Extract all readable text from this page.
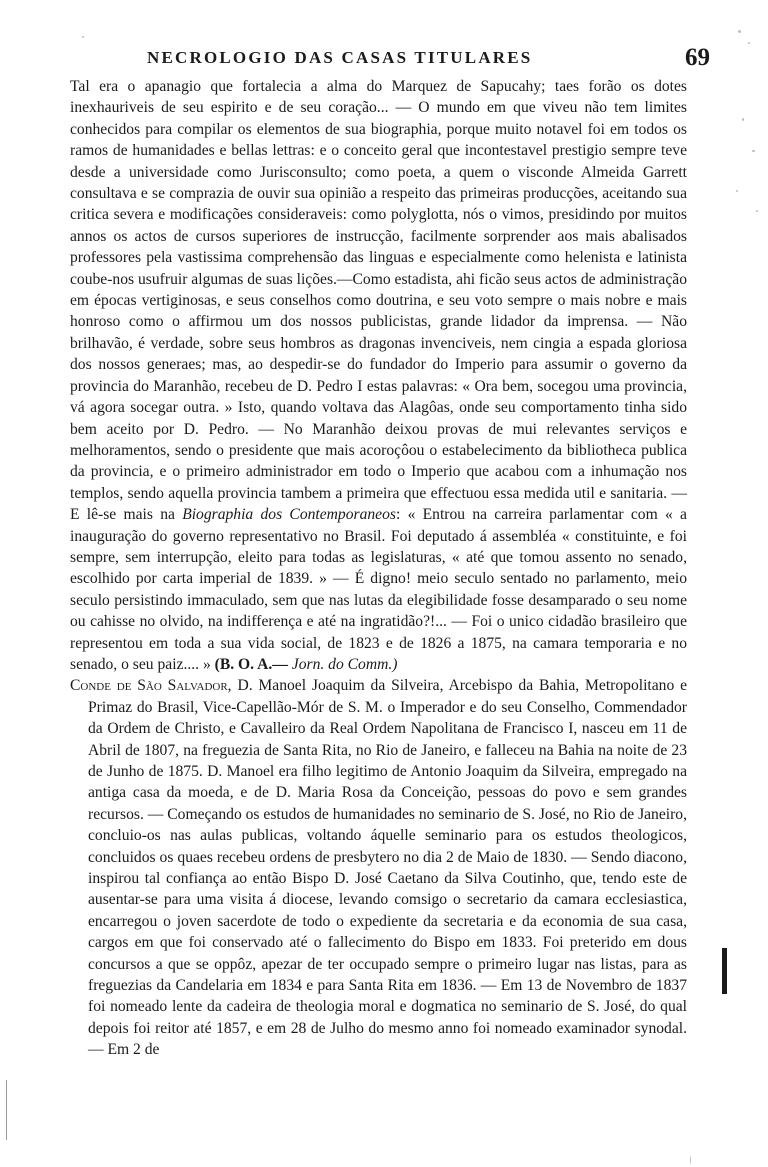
NECROLOGIO DAS CASAS TITULARES	69

Tal era o apanagio que fortalecia a alma do Marquez de Sapucahy; taes forão os dotes inexhauriveis de seu espirito e de seu coração... — O mundo em que viveu não tem limites conhecidos para compilar os elementos de sua biographia, porque muito notavel foi em todos os ramos de humanidades e bellas lettras: e o conceito geral que incontestavel prestigio sempre teve desde a universidade como Jurisconsulto; como poeta, a quem o visconde Almeida Garrett consultava e se comprazia de ouvir sua opinião a respeito das primeiras producções, aceitando sua critica severa e modificações consideraveis: como polyglotta, nós o vimos, presidindo por muitos annos os actos de cursos superiores de instrucção, facilmente sorprender aos mais abalisados professores pela vastissima comprehensão das linguas e especialmente como helenista e latinista coube-nos usufruir algumas de suas lições.—Como estadista, ahi ficão seus actos de administração em épocas vertiginosas, e seus conselhos como doutrina, e seu voto sempre o mais nobre e mais honroso como o affirmou um dos nossos publicistas, grande lidador da imprensa. — Não brilhavão, é verdade, sobre seus hombros as dragonas invenciveis, nem cingia a espada gloriosa dos nossos generaes; mas, ao despedir-se do fundador do Imperio para assumir o governo da provincia do Maranhão, recebeu de D. Pedro I estas palavras: « Ora bem, socegou uma provincia, vá agora socegar outra. » Isto, quando voltava das Alagôas, onde seu comportamento tinha sido bem aceito por D. Pedro. — No Maranhão deixou provas de mui relevantes serviços e melhoramentos, sendo o presidente que mais acoroçôou o estabelecimento da bibliotheca publica da provincia, e o primeiro administrador em todo o Imperio que acabou com a inhumação nos templos, sendo aquella provincia tambem a primeira que effectuou essa medida util e sanitaria. — E lê-se mais na Biographia dos Contemporaneos: « Entrou na carreira parlamentar com « a inauguração do governo representativo no Brasil. Foi deputado á assembléa « constituinte, e foi sempre, sem interrupção, eleito para todas as legislaturas, « até que tomou assento no senado, escolhido por carta imperial de 1839. » — É digno! meio seculo sentado no parlamento, meio seculo persistindo immaculado, sem que nas lutas da elegibilidade fosse desamparado o seu nome ou cahisse no olvido, na indifferença e até na ingratidão?!... — Foi o unico cidadão brasileiro que representou em toda a sua vida social, de 1823 e de 1826 a 1875, na camara temporaria e no senado, o seu paiz.... » (B. O. A.— Jorn. do Comm.)

Conde de São Salvador, D. Manoel Joaquim da Silveira, Arcebispo da Bahia, Metropolitano e Primaz do Brasil, Vice-Capellão-Mór de S. M. o Imperador e do seu Conselho, Commendador da Ordem de Christo, e Cavalleiro da Real Ordem Napolitana de Francisco I, nasceu em 11 de Abril de 1807, na freguezia de Santa Rita, no Rio de Janeiro, e falleceu na Bahia na noite de 23 de Junho de 1875. D. Manoel era filho legitimo de Antonio Joaquim da Silveira, empregado na antiga casa da moeda, e de D. Maria Rosa da Conceição, pessoas do povo e sem grandes recursos. — Começando os estudos de humanidades no seminario de S. José, no Rio de Janeiro, concluio-os nas aulas publicas, voltando áquelle seminario para os estudos theologicos, concluidos os quaes recebeu ordens de presbytero no dia 2 de Maio de 1830. — Sendo diacono, inspirou tal confiança ao então Bispo D. José Caetano da Silva Coutinho, que, tendo este de ausentar-se para uma visita á diocese, levando comsigo o secretario da camara ecclesiastica, encarregou o joven sacerdote de todo o expediente da secretaria e da economia de sua casa, cargos em que foi conservado até o fallecimento do Bispo em 1833. Foi preterido em dous concursos a que se oppôz, apezar de ter occupado sempre o primeiro lugar nas listas, para as freguezias da Candelaria em 1834 e para Santa Rita em 1836. — Em 13 de Novembro de 1837 foi nomeado lente da cadeira de theologia moral e dogmatica no seminario de S. José, do qual depois foi reitor até 1857, e em 28 de Julho do mesmo anno foi nomeado examinador synodal. — Em 2 de
